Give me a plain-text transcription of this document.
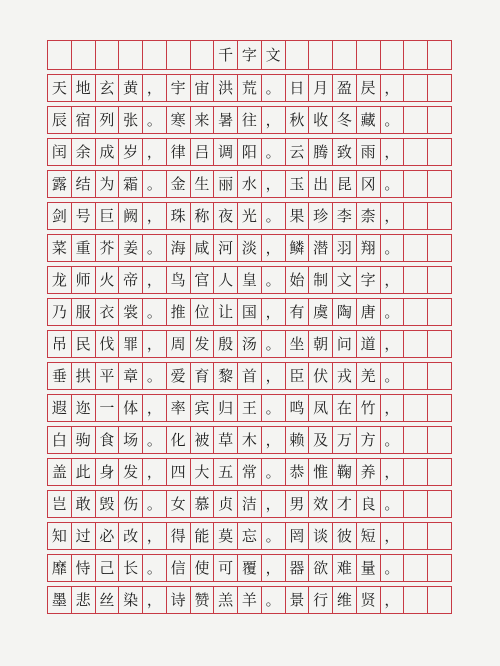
千 字 文
天 地 玄 黄 ， 宇 宙 洪 荒 。 日 月 盈 昃 ，
辰 宿 列 张 。 寒 来 暑 往 ， 秋 收 冬 藏 。
闰 余 成 岁 ， 律 吕 调 阳 。 云 腾 致 雨 ，
露 结 为 霜 。 金 生 丽 水 ， 玉 出 昆 冈 。
剑 号 巨 阙 ， 珠 称 夜 光 。 果 珍 李 柰 ，
菜 重 芥 姜 。 海 咸 河 淡 ， 鳞 潜 羽 翔 。
龙 师 火 帝 ， 鸟 官 人 皇 。 始 制 文 字 ，
乃 服 衣 裳 。 推 位 让 国 ， 有 虞 陶 唐 。
吊 民 伐 罪 ， 周 发 殷 汤 。 坐 朝 问 道 ，
垂 拱 平 章 。 爱 育 黎 首 ， 臣 伏 戎 羌 。
遐 迩 一 体 ， 率 宾 归 王 。 鸣 凤 在 竹 ，
白 驹 食 场 。 化 被 草 木 ， 赖 及 万 方 。
盖 此 身 发 ， 四 大 五 常 。 恭 惟 鞠 养 ，
岂 敢 毁 伤 。 女 慕 贞 洁 ， 男 效 才 良 。
知 过 必 改 ， 得 能 莫 忘 。 罔 谈 彼 短 ，
靡 恃 己 长 。 信 使 可 覆 ， 器 欲 难 量 。
墨 悲 丝 染 ， 诗 赞 羔 羊 。 景 行 维 贤 ，
